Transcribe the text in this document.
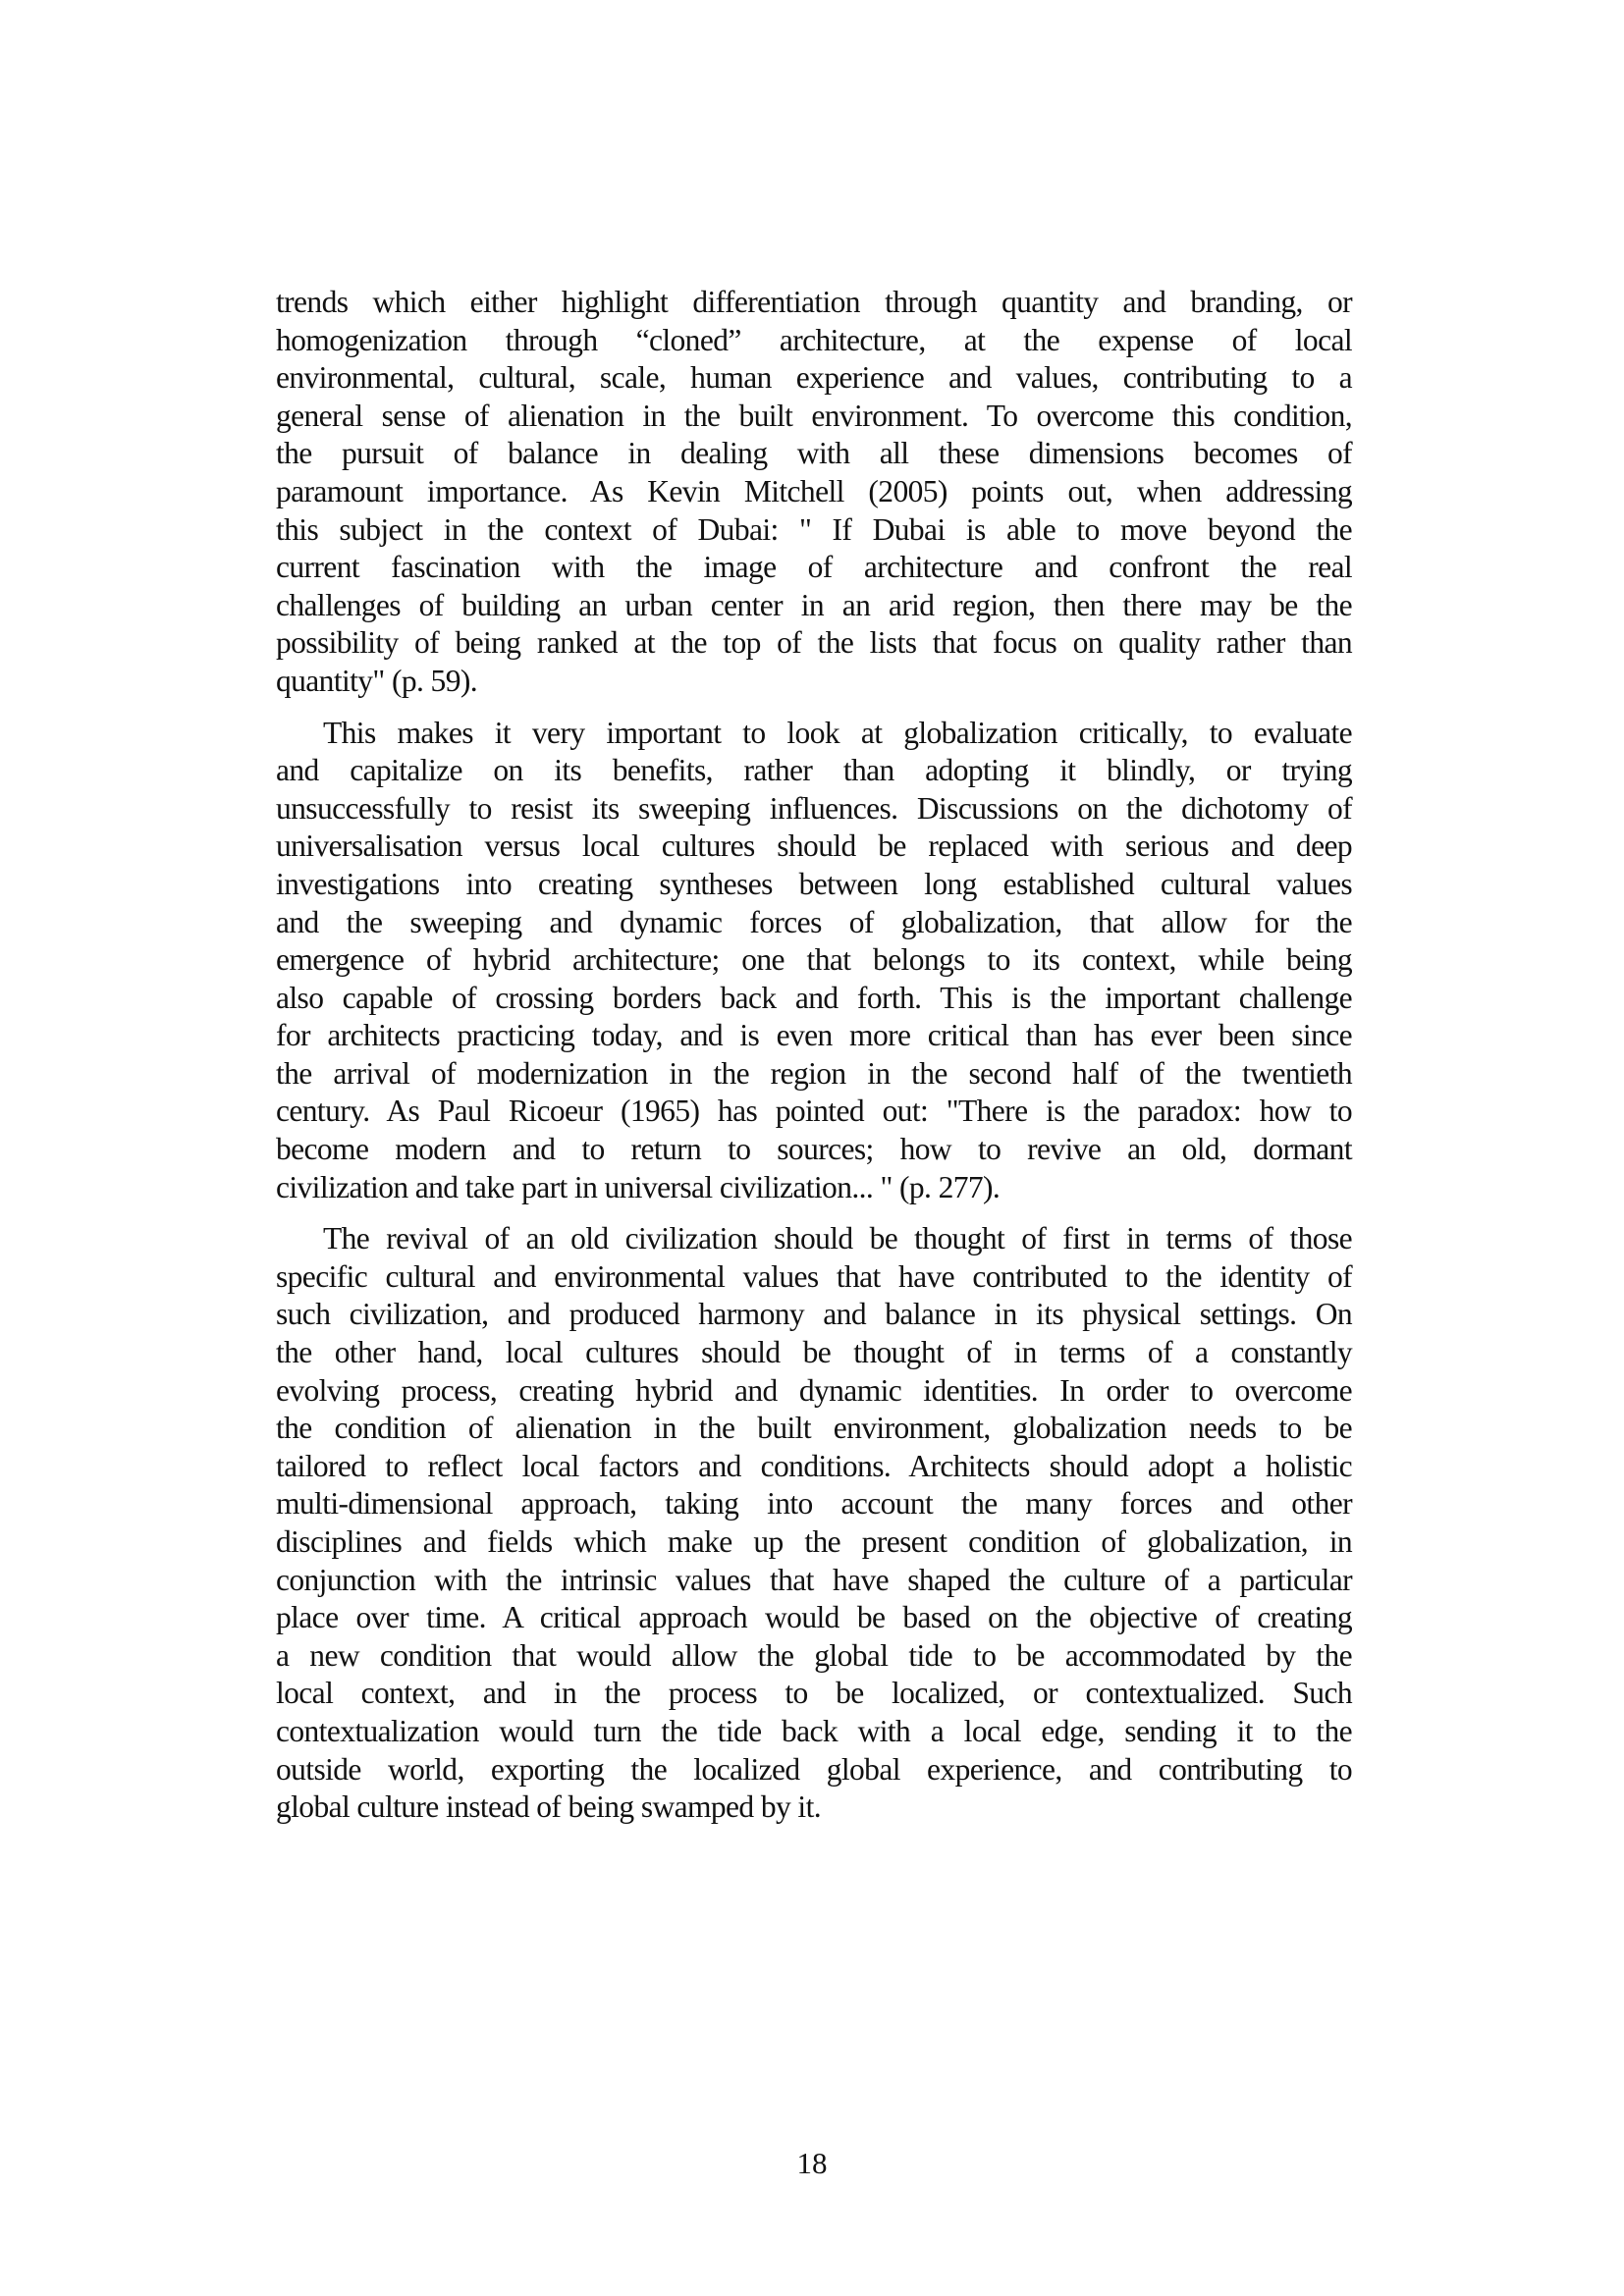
trends which either highlight differentiation through quantity and branding, or
homogenization through “cloned” architecture, at the expense of local
environmental, cultural, scale, human experience and values, contributing to a
general sense of alienation in the built environment. To overcome this condition,
the pursuit of balance in dealing with all these dimensions becomes of
paramount importance. As Kevin Mitchell (2005) points out, when addressing
this subject in the context of Dubai: " If Dubai is able to move beyond the
current fascination with the image of architecture and confront the real
challenges of building an urban center in an arid region, then there may be the
possibility of being ranked at the top of the lists that focus on quality rather than
quantity" (p. 59).
This makes it very important to look at globalization critically, to evaluate
and capitalize on its benefits, rather than adopting it blindly, or trying
unsuccessfully to resist its sweeping influences. Discussions on the dichotomy of
universalisation versus local cultures should be replaced with serious and deep
investigations into creating syntheses between long established cultural values
and the sweeping and dynamic forces of globalization, that allow for the
emergence of hybrid architecture; one that belongs to its context, while being
also capable of crossing borders back and forth. This is the important challenge
for architects practicing today, and is even more critical than has ever been since
the arrival of modernization in the region in the second half of the twentieth
century. As Paul Ricoeur (1965) has pointed out: "There is the paradox: how to
become modern and to return to sources; how to revive an old, dormant
civilization and take part in universal civilization... " (p. 277).
The revival of an old civilization should be thought of first in terms of those
specific cultural and environmental values that have contributed to the identity of
such civilization, and produced harmony and balance in its physical settings. On
the other hand, local cultures should be thought of in terms of a constantly
evolving process, creating hybrid and dynamic identities. In order to overcome
the condition of alienation in the built environment, globalization needs to be
tailored to reflect local factors and conditions. Architects should adopt a holistic
multi-dimensional approach, taking into account the many forces and other
disciplines and fields which make up the present condition of globalization, in
conjunction with the intrinsic values that have shaped the culture of a particular
place over time. A critical approach would be based on the objective of creating
a new condition that would allow the global tide to be accommodated by the
local context, and in the process to be localized, or contextualized. Such
contextualization would turn the tide back with a local edge, sending it to the
outside world, exporting the localized global experience, and contributing to
global culture instead of being swamped by it.
18
